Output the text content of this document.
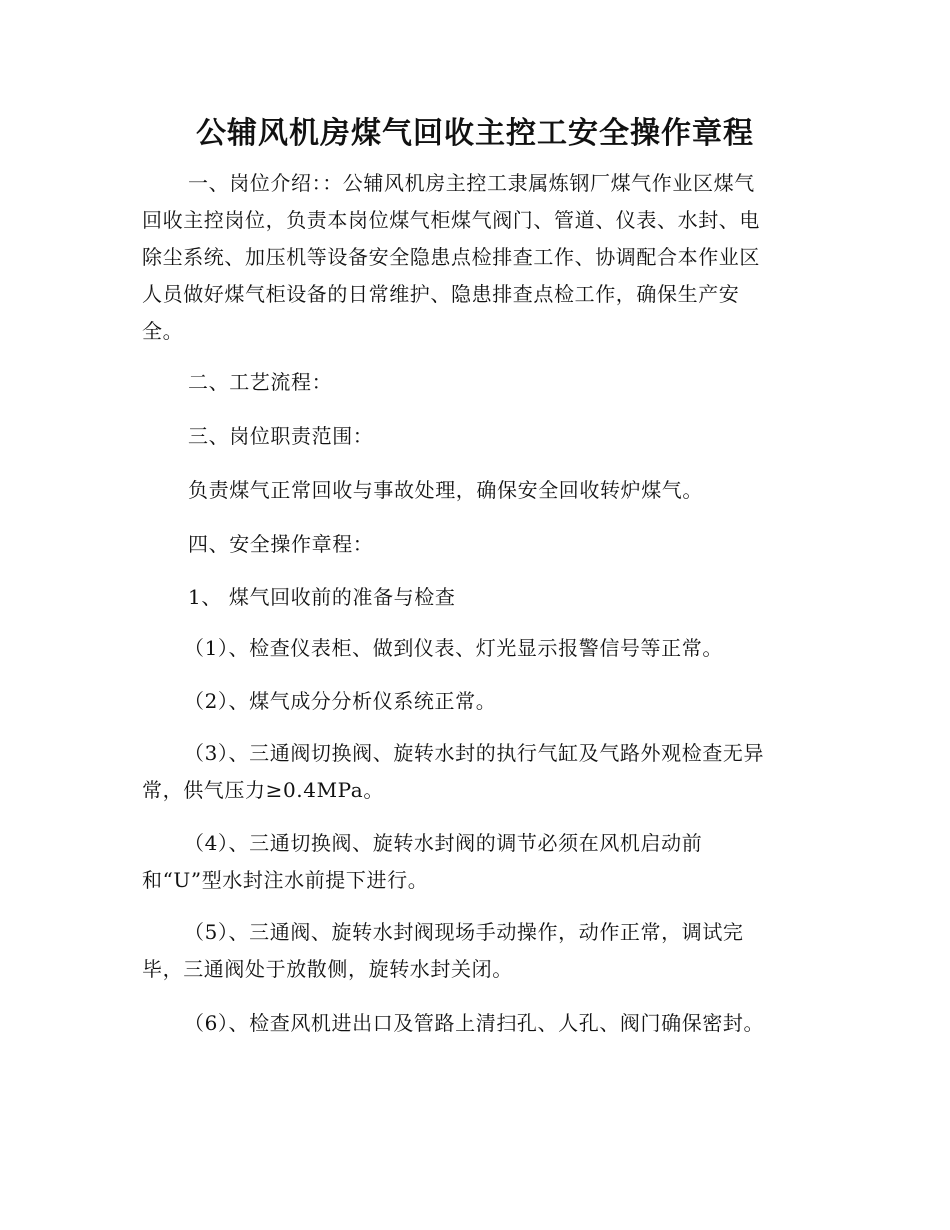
公辅风机房煤气回收主控工安全操作章程

一、岗位介绍：：公辅风机房主控工隶属炼钢厂煤气作业区煤气
回收主控岗位，负责本岗位煤气柜煤气阀门、管道、仪表、水封、电
除尘系统、加压机等设备安全隐患点检排查工作、协调配合本作业区
人员做好煤气柜设备的日常维护、隐患排查点检工作，确保生产安
全。

二、工艺流程：

三、岗位职责范围：

负责煤气正常回收与事故处理，确保安全回收转炉煤气。

四、安全操作章程：

1、 煤气回收前的准备与检查

（1）、检查仪表柜、做到仪表、灯光显示报警信号等正常。

（2）、煤气成分分析仪系统正常。

（3）、三通阀切换阀、旋转水封的执行气缸及气路外观检查无异
常，供气压力≥0.4MPa。

（4）、三通切换阀、旋转水封阀的调节必须在风机启动前
和“U”型水封注水前提下进行。

（5）、三通阀、旋转水封阀现场手动操作，动作正常，调试完
毕，三通阀处于放散侧，旋转水封关闭。

（6）、检查风机进出口及管路上清扫孔、人孔、阀门确保密封。
